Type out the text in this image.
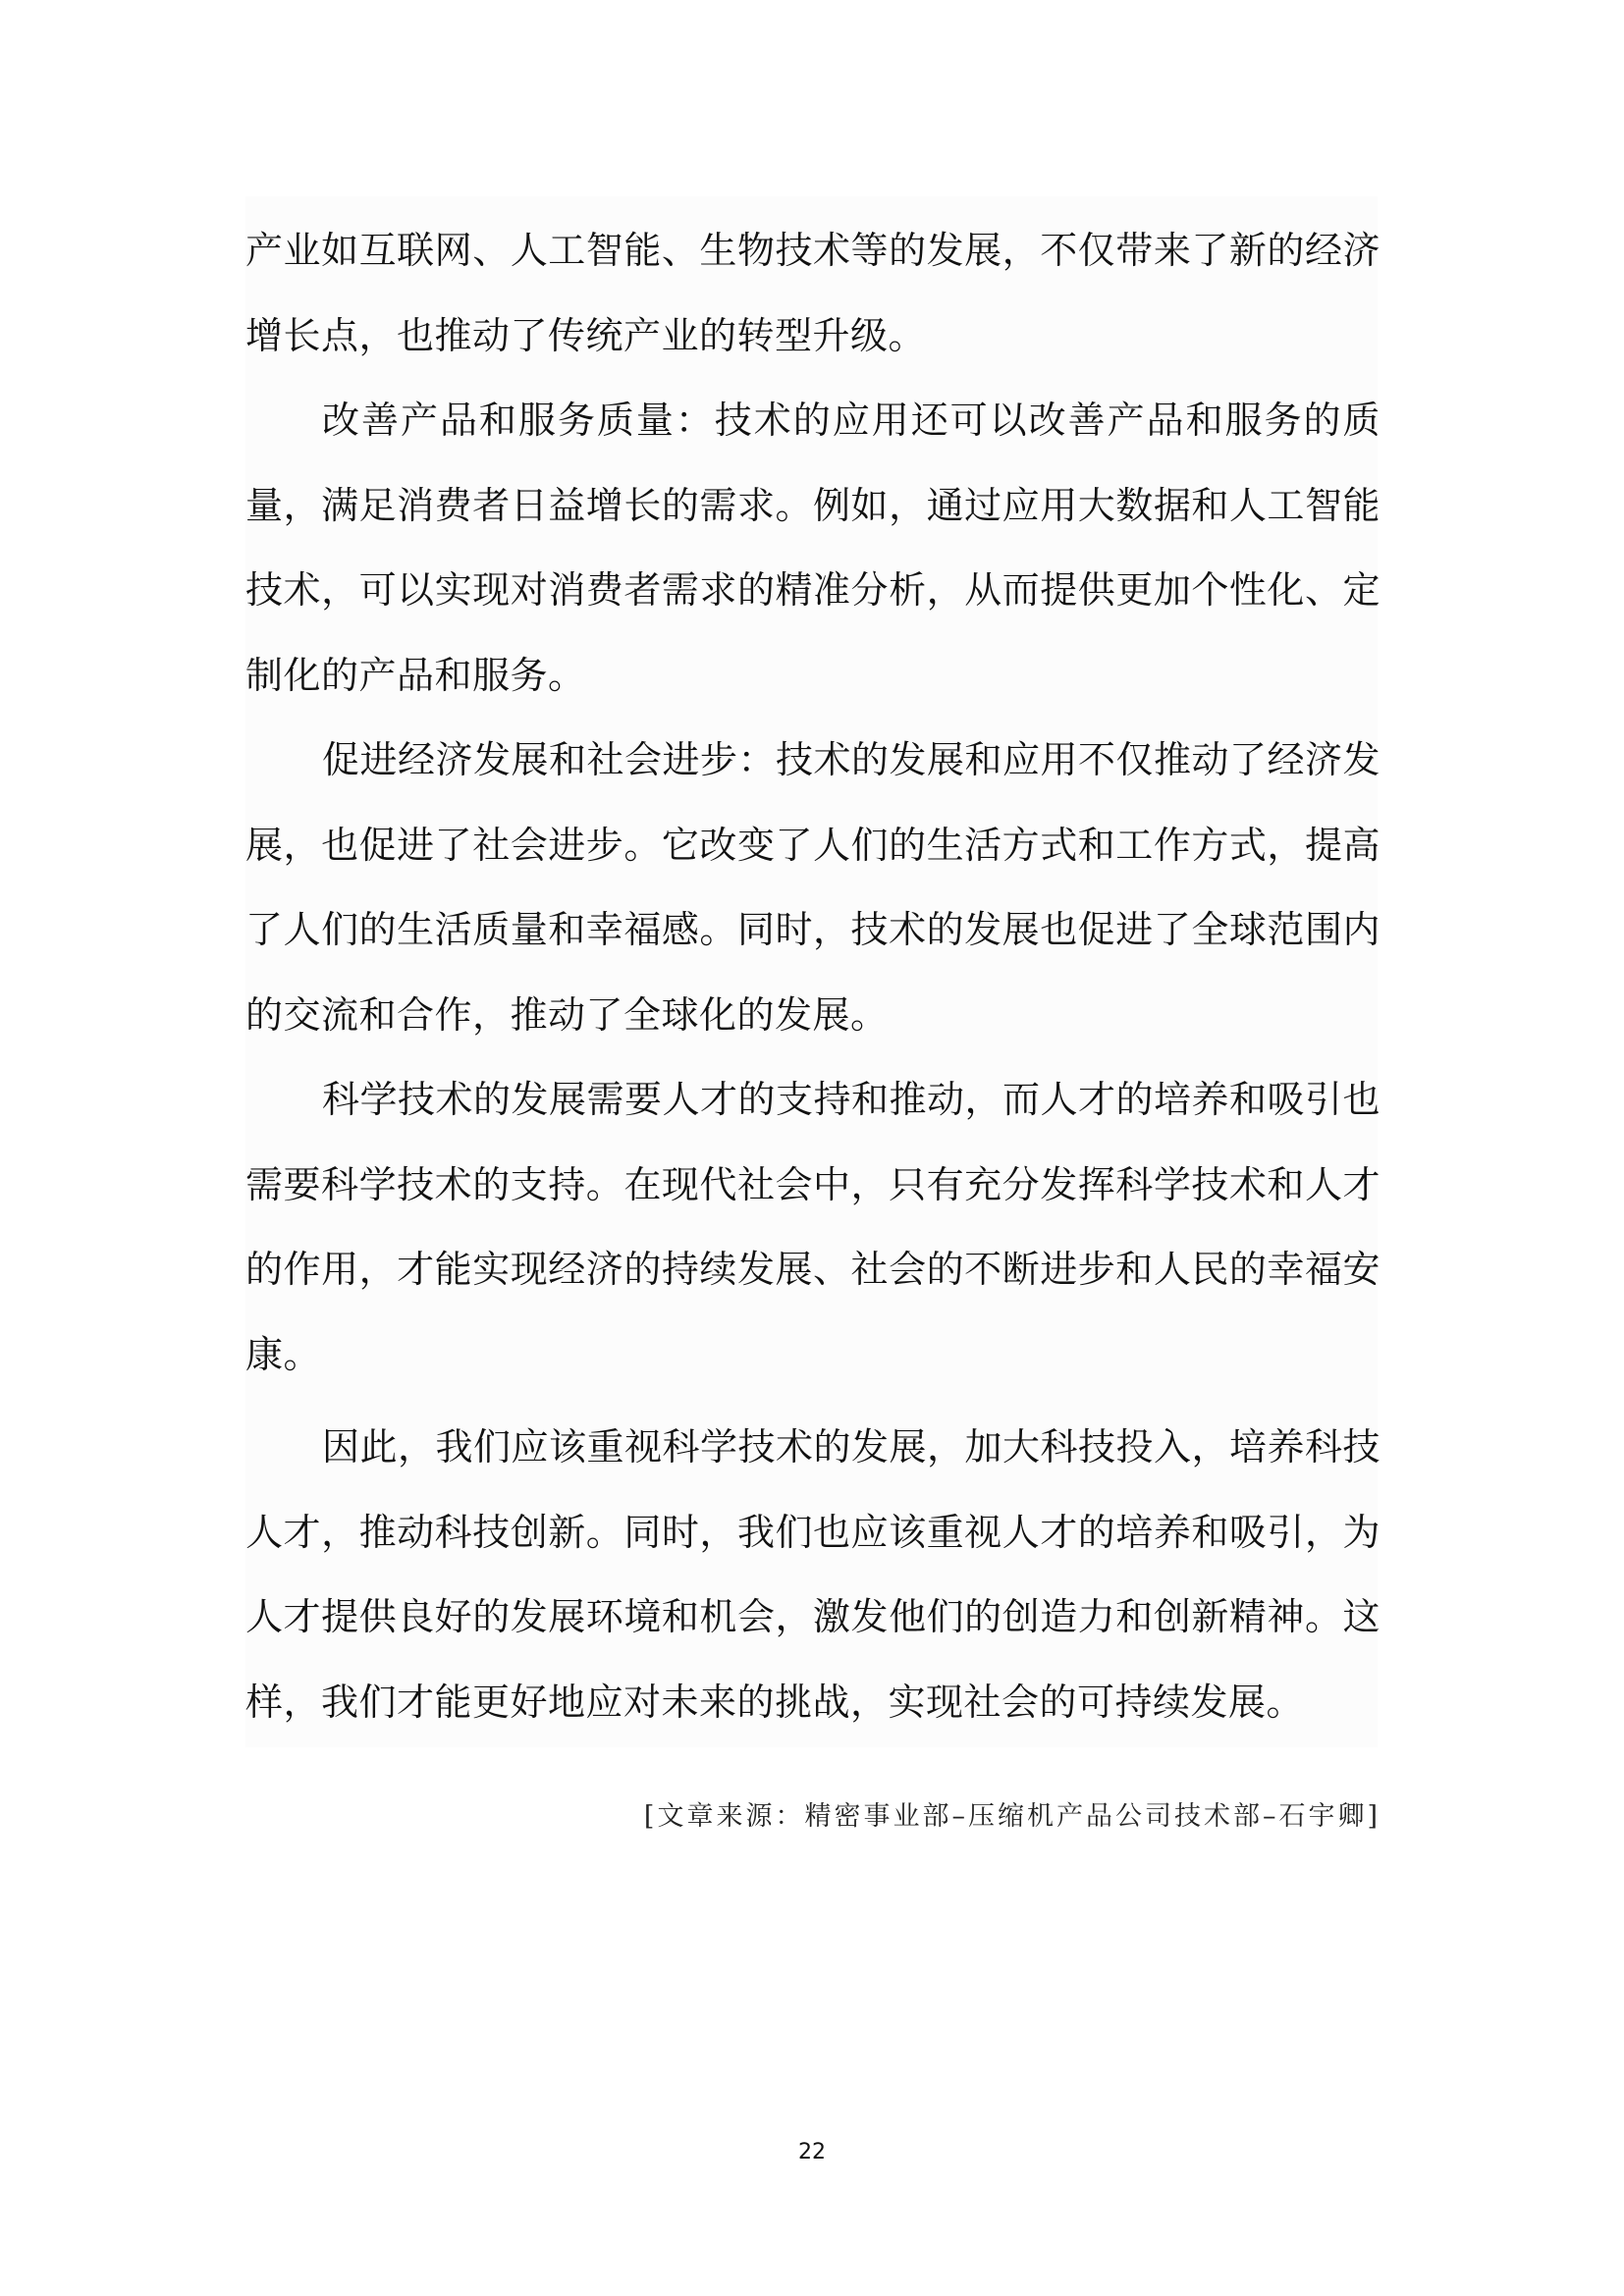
产业如互联网、人工智能、生物技术等的发展，不仅带来了新的经济增长点，也推动了传统产业的转型升级。

改善产品和服务质量：技术的应用还可以改善产品和服务的质量，满足消费者日益增长的需求。例如，通过应用大数据和人工智能技术，可以实现对消费者需求的精准分析，从而提供更加个性化、定制化的产品和服务。

促进经济发展和社会进步：技术的发展和应用不仅推动了经济发展，也促进了社会进步。它改变了人们的生活方式和工作方式，提高了人们的生活质量和幸福感。同时，技术的发展也促进了全球范围内的交流和合作，推动了全球化的发展。

科学技术的发展需要人才的支持和推动，而人才的培养和吸引也需要科学技术的支持。在现代社会中，只有充分发挥科学技术和人才的作用，才能实现经济的持续发展、社会的不断进步和人民的幸福安康。

因此，我们应该重视科学技术的发展，加大科技投入，培养科技人才，推动科技创新。同时，我们也应该重视人才的培养和吸引，为人才提供良好的发展环境和机会，激发他们的创造力和创新精神。这样，我们才能更好地应对未来的挑战，实现社会的可持续发展。

[文章来源：精密事业部–压缩机产品公司技术部–石宇卿]
22
